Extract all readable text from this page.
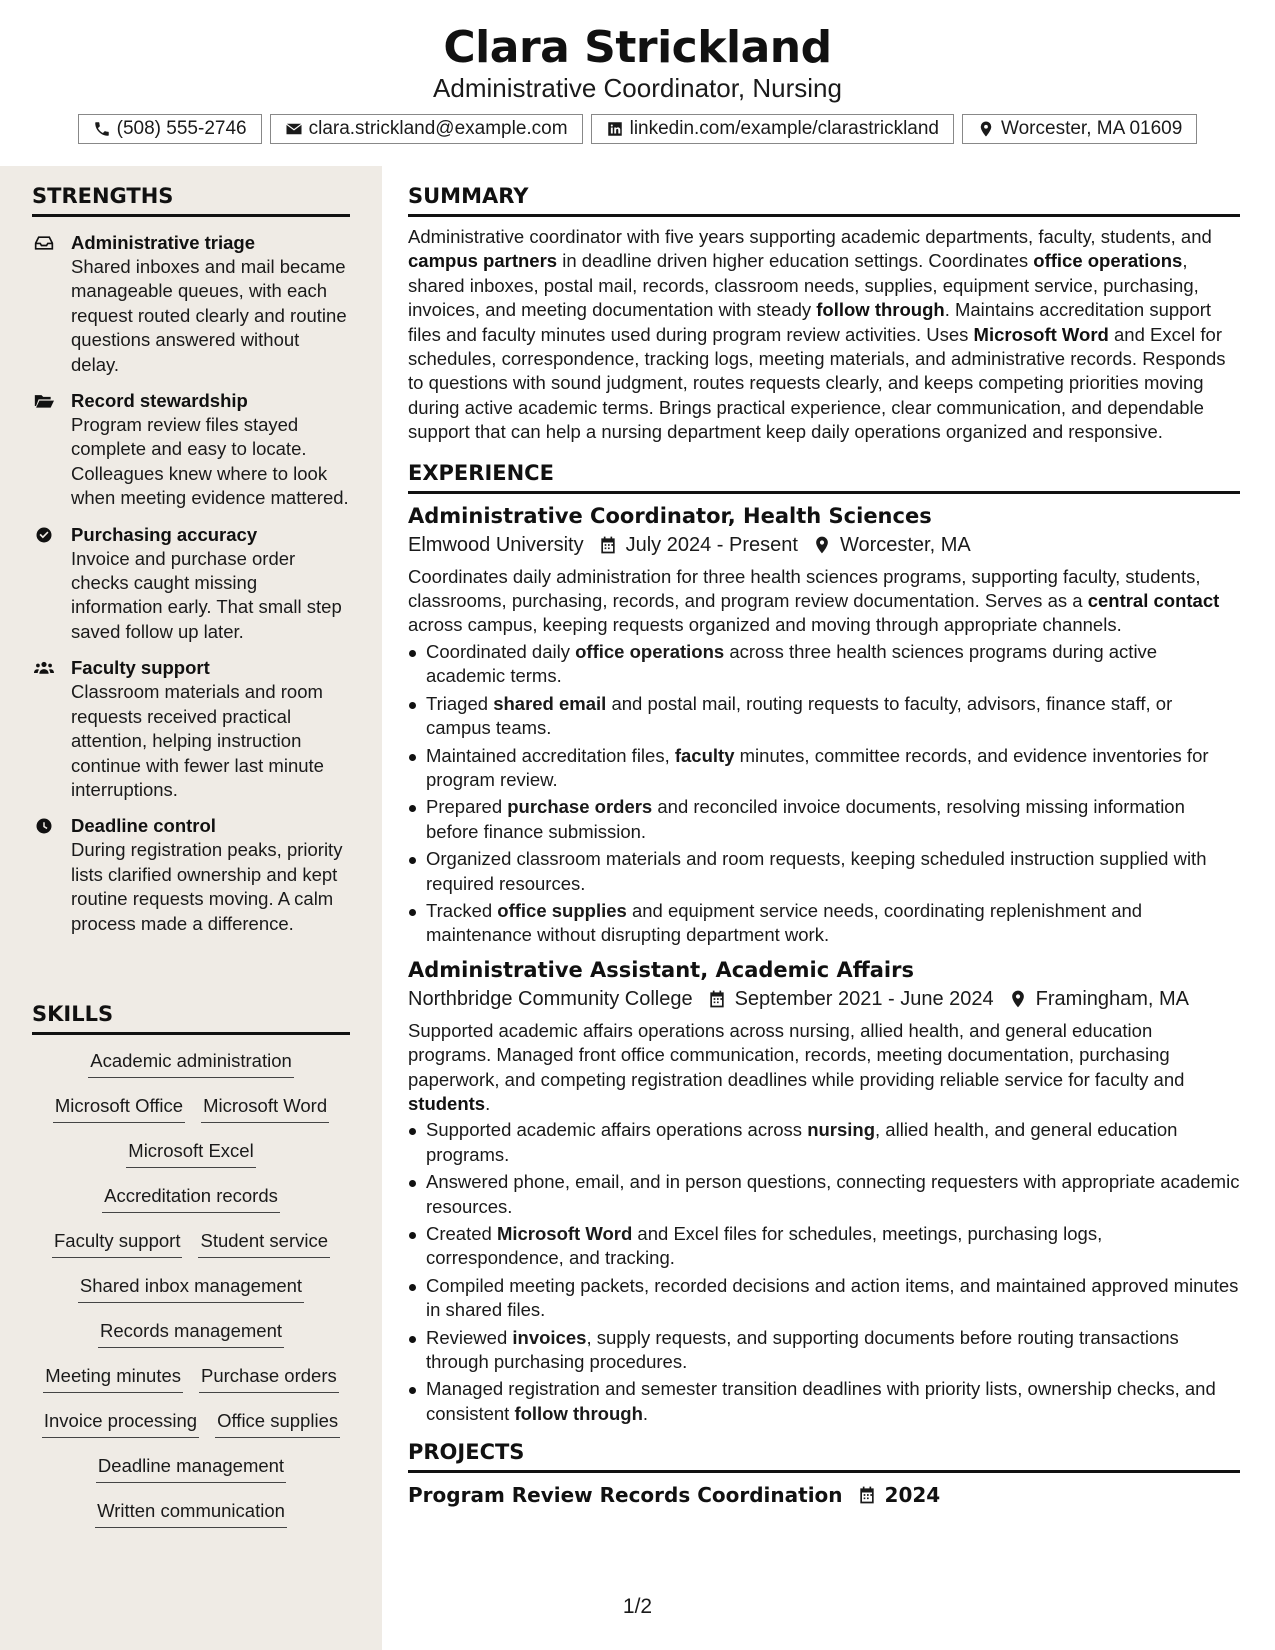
Clara Strickland
Administrative Coordinator, Nursing
(508) 555-2746	clara.strickland@example.com	linkedin.com/example/clarastrickland	Worcester, MA 01609
STRENGTHS
Administrative triage
Shared inboxes and mail became manageable queues, with each request routed clearly and routine questions answered without delay.
Record stewardship
Program review files stayed complete and easy to locate. Colleagues knew where to look when meeting evidence mattered.
Purchasing accuracy
Invoice and purchase order checks caught missing information early. That small step saved follow up later.
Faculty support
Classroom materials and room requests received practical attention, helping instruction continue with fewer last minute interruptions.
Deadline control
During registration peaks, priority lists clarified ownership and kept routine requests moving. A calm process made a difference.
SKILLS
Academic administration
Microsoft Office Microsoft Word
Microsoft Excel
Accreditation records
Faculty support Student service
Shared inbox management
Records management
Meeting minutes Purchase orders
Invoice processing Office supplies
Deadline management
Written communication
SUMMARY

Administrative coordinator with five years supporting academic departments, faculty, students, and campus partners in deadline driven higher education settings. Coordinates office operations, shared inboxes, postal mail, records, classroom needs, supplies, equipment service, purchasing, invoices, and meeting documentation with steady follow through. Maintains accreditation support files and faculty minutes used during program review activities. Uses Microsoft Word and Excel for schedules, correspondence, tracking logs, meeting materials, and administrative records. Responds to questions with sound judgment, routes requests clearly, and keeps competing priorities moving during active academic terms. Brings practical experience, clear communication, and dependable support that can help a nursing department keep daily operations organized and responsive.

EXPERIENCE
Administrative Coordinator, Health Sciences
Elmwood University July 2024 - Present Worcester, MA

Coordinates daily administration for three health sciences programs, supporting faculty, students, classrooms, purchasing, records, and program review documentation. Serves as a central contact across campus, keeping requests organized and moving through appropriate channels.

Coordinated daily office operations across three health sciences programs during active academic terms.
Triaged shared email and postal mail, routing requests to faculty, advisors, finance staff, or campus teams.
Maintained accreditation files, faculty minutes, committee records, and evidence inventories for program review.
Prepared purchase orders and reconciled invoice documents, resolving missing information before finance submission.
Organized classroom materials and room requests, keeping scheduled instruction supplied with required resources.
Tracked office supplies and equipment service needs, coordinating replenishment and maintenance without disrupting department work.
Administrative Assistant, Academic Affairs
Northbridge Community College September 2021 - June 2024 Framingham, MA

Supported academic affairs operations across nursing, allied health, and general education programs. Managed front office communication, records, meeting documentation, purchasing paperwork, and competing registration deadlines while providing reliable service for faculty and students.

Supported academic affairs operations across nursing, allied health, and general education programs.
Answered phone, email, and in person questions, connecting requesters with appropriate academic resources.
Created Microsoft Word and Excel files for schedules, meetings, purchasing logs, correspondence, and tracking.
Compiled meeting packets, recorded decisions and action items, and maintained approved minutes in shared files.
Reviewed invoices, supply requests, and supporting documents before routing transactions through purchasing procedures.
Managed registration and semester transition deadlines with priority lists, ownership checks, and consistent follow through.
PROJECTS
Program Review Records Coordination 2024
1/2
